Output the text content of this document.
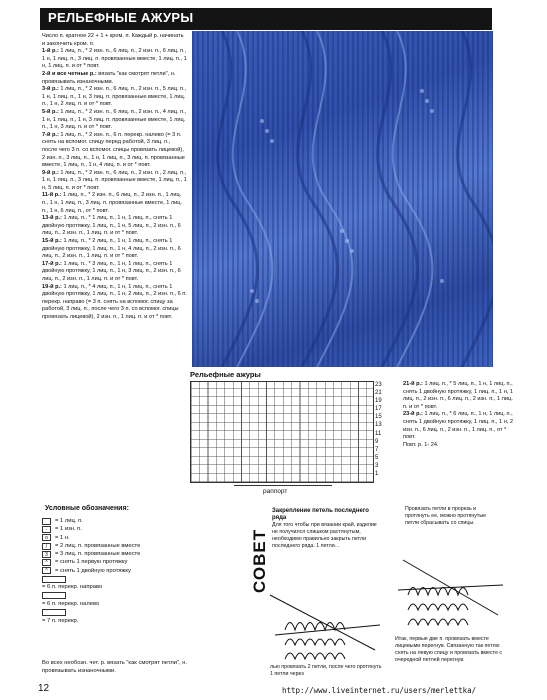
РЕЛЬЕФНЫЕ АЖУРЫ

Число п. кратное 22 + 1 + кром. п. Каждый р. начинать и закончить кром. п.

1-й р.: 1 лиц. п., * 2 изн. п., 6 лиц. п., 2 изн. п., 6 лиц. п., 1 н, 1 лиц. п., 3 лиц. п. провязанные вместе, 1 лиц. п., 1 н, 1 лиц. п. и от * повт.

2-й и все четные р.: вязать "как смотрят петли", н. провязывать изнаночными.

3-й р.: 1 лиц. п., * 2 изн. п., 6 лиц. п., 2 изн. п., 5 лиц. п., 1 н, 1 лиц. п., 1 н, 3 лиц. п. провязанные вместе, 1 лиц. п., 1 н, 2 лиц. п. и от * повт.

5-й р.: 1 лиц. п., * 2 изн. п., 6 лиц. п., 2 изн. п., 4 лиц. п., 1 н, 1 лиц. п., 1 н, 3 лиц. п. провязанные вместе, 1 лиц. п., 1 н, 3 лиц. п. и от * повт.

7-й р.: 1 лиц. п., * 2 изн. п., 6 п. перекр. налево (= 3 п. снять на вспомог. спицу перед работой, 3 лиц. п., после чего 3 п. со вспомог. спицы провязать лицевой), 2 изн. п., 3 лиц. п., 1 н, 1 лиц. п., 3 лиц. п. провязанные вместе, 1 лиц. п., 1 н, 4 лиц. п. и от * повт.

9-й р.: 1 лиц. п., * 2 изн. п., 6 лиц. п., 2 изн. п., 2 лиц. п., 1 н, 1 лиц. п., 3 лиц. п. провязанные вместе, 1 лиц. п., 1 н, 5 лиц. п. и от * повт.

11-й р.: 1 лиц. п., * 2 изн. п., 6 лиц. п., 2 изн. п., 1 лиц. п., 1 н, 1 лиц. п., 3 лиц. п. провязанные вместе, 1 лиц. п., 1 н, 6 лиц. п., от * повт.

13-й р.: 1 лиц. п., * 1 лиц. п., 1 н, 1 лиц. п., снять 1 двойную протяжку, 1 лиц. п., 1 н, 5 лиц. п., 2 изн. п., 6 лиц. п., 2 изн. п., 1 лиц. п. и от * повт.

15-й р.: 1 лиц. п., * 2 лиц. п., 1 н, 1 лиц. п., снять 1 двойную протяжку, 1 лиц. п., 1 н, 4 лиц. п., 2 изн. п., 6 лиц. п., 2 изн. п., 1 лиц. п. и от * повт.

17-й р.: 1 лиц. п., * 3 лиц. п., 1 н, 1 лиц. п., снять 1 двойную протяжку, 1 лиц. п., 1 н, 3 лиц. п., 2 изн. п., 6 лиц. п., 2 изн. п., 1 лиц. п. и от * повт.

19-й р.: 1 лиц. п., * 4 лиц. п., 1 н, 1 лиц. п., снять 1 двойную протяжку, 1 лиц. п., 1 н, 2 лиц. п., 2 изн. п., 6 п. перекр. направо (= 3 п. снять на вспомог. спицу за работой, 3 лиц. п., после чего 3 п. со вспомог. спицы провязать лицевой), 2 изн. п., 1 лиц. п. и от * повт.

Рельефные ажуры
23
21
19
17
15
13
11
9
7
5
3
1
раппорт

21-й р.: 1 лиц. п., * 5 лиц. п., 1 н, 1 лиц. п., снять 1 двойную протяжку, 1 лиц. п., 1 н, 1 лиц. п., 2 изн. п., 6 лиц. п., 2 изн. п., 1 лиц. п. и от * повт.

23-й р.: 1 лиц. п., * 6 лиц. п., 1 н, 1 лиц. п., снять 1 двойную протяжку, 1 лиц. п., 1 н, 2 изн. п., 6 лиц. п., 2 изн. п., 1 лиц. п., от * повт.

Повт. р. 1- 24.

Условные обозначения:
= 1 лиц. п.
-	= 1 изн. п.
o	= 1 н.
/	= 2 лиц. п. провязанные вместе
3	= 3 лиц. п. провязанные вместе
^	= снять 1 первую протяжку
^	= снять 1 двойную протяжку
= 6 п. перекр. направо
= 6 п. перекр. налево
= 7 п. перекр.
Во всех необозн. чет. р. вязать "как смотрят петли", н. провязывать изнаночными.
12
СОВЕТ
Закрепление петель последнего ряда
Для того чтобы при вязании край, изделие не получился слишком растянутым, необходимо правильно закрыть петли последнего ряда. 1 петли...
Провязать петли в прорезь и протянуть ее, можно протянутые петли сбрасывать со спицы.
Итак, первые две п. провязать вместе лицевыми перегнув. Связанную так петлю снять на левую спицу и провязать вместе с очередной петлей перегнув.
лью провязать 2 петли, после чего протянуть 1 петли через
http://www.liveinternet.ru/users/merlettka/
